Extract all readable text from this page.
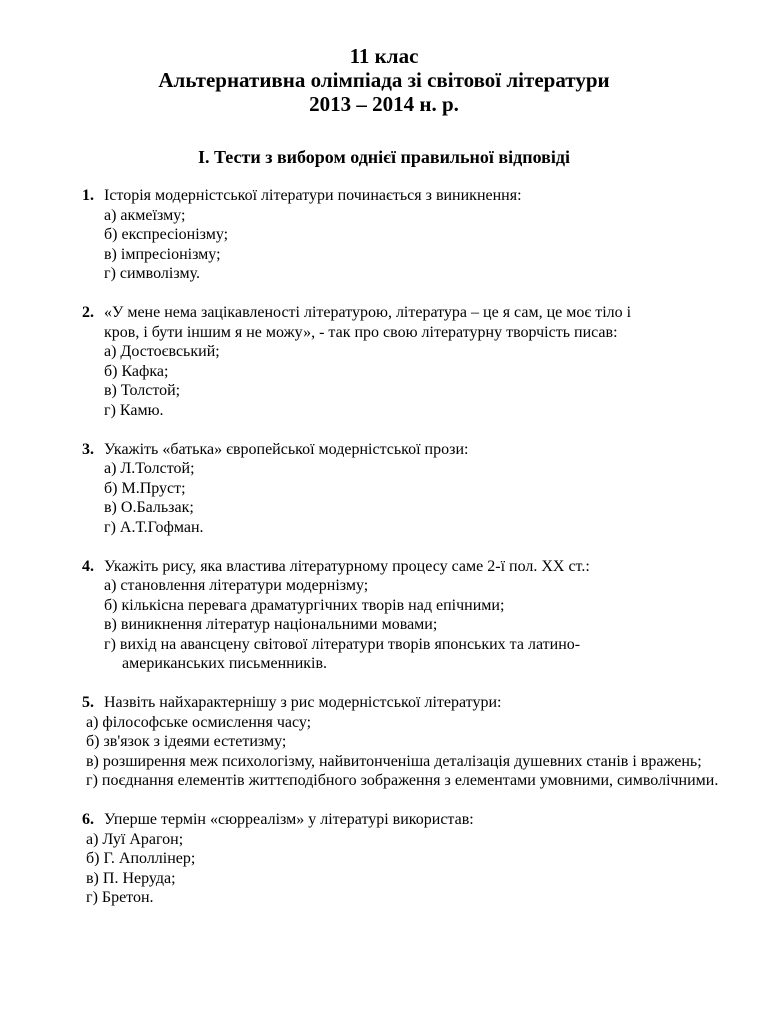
11 клас
Альтернативна олімпіада зі світової літератури
2013 – 2014 н. р.
І. Тести з вибором однієї правильної відповіді
1. Історія модерністської літератури починається з виникнення:
а) акмеїзму;
б) експресіонізму;
в) імпресіонізму;
г) символізму.
2. «У мене нема зацікавленості літературою, література – це я сам, це моє тіло і
кров, і бути іншим я не можу», - так про свою літературну творчість писав:
а) Достоєвський;
б) Кафка;
в) Толстой;
г) Камю.
3. Укажіть «батька» європейської модерністської прози:
а) Л.Толстой;
б) М.Пруст;
в) О.Бальзак;
г) А.Т.Гофман.
4. Укажіть рису, яка властива літературному процесу саме 2-ї пол. ХХ ст.:
а) становлення літератури модернізму;
б) кількісна перевага драматургічних творів над епічними;
в) виникнення літератур національними мовами;
г) вихід на авансцену світової літератури творів японських та латино-
американських письменників.
5. Назвіть найхарактернішу з рис модерністської літератури:
а) філософське осмислення часу;
б) зв'язок з ідеями естетизму;
в) розширення меж психологізму, найвитонченіша деталізація душевних станів і вражень;
г) поєднання елементів життєподібного зображення з елементами умовними, символічними.
6. Уперше термін «сюрреалізм» у літературі використав:
а) Луї Арагон;
б) Г. Аполлінер;
в) П. Неруда;
г) Бретон.
